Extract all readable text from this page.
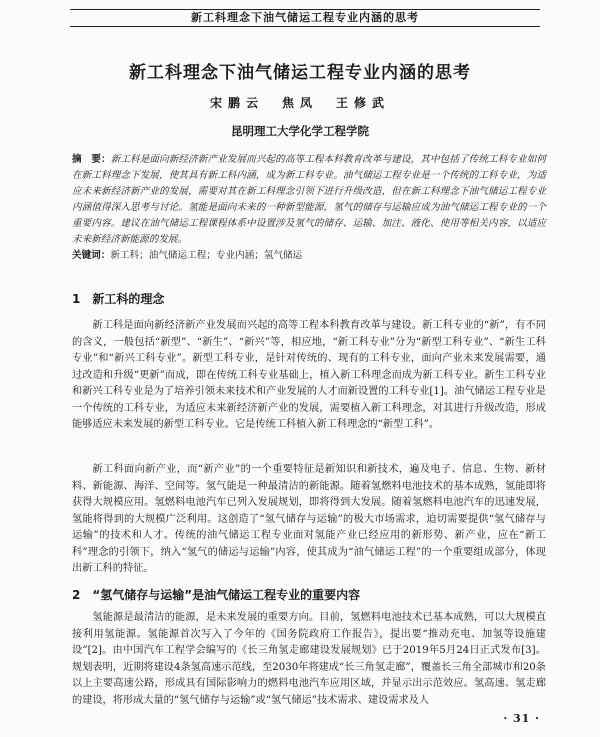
新工科理念下油气储运工程专业内涵的思考
新工科理念下油气储运工程专业内涵的思考
宋鹏云　焦凤　王修武
昆明理工大学化学工程学院
摘　要：新工科是面向新经济新产业发展而兴起的高等工程本科教育改革与建设，其中包括了传统工科专业如何在新工科理念下发展，使其具有新工科内涵，成为新工科专业。油气储运工程专业是一个传统的工科专业，为适应未来新经济新产业的发展，需要对其在新工科理念引领下进行升级改造，但在新工科理念下油气储运工程专业内涵值得深入思考与讨论。氢能是面向未来的一种新型能源，氢气的储存与运输应成为油气储运工程专业的一个重要内容。建议在油气储运工程课程体系中设置涉及氢气的储存、运输、加注、液化、使用等相关内容，以适应未来新经济新能源的发展。
关键词：新工科；油气储运工程；专业内涵；氢气储运
1　新工科的理念
新工科是面向新经济新产业发展而兴起的高等工程本科教育改革与建设。新工科专业的“新”，有不同的含义，一般包括“新型”、“新生”、“新兴”等，相应地，“新工科专业”分为“新型工科专业”、“新生工科专业”和“新兴工科专业”。新型工科专业，是针对传统的、现有的工科专业，面向产业未来发展需要，通过改造和升级“更新”而成，即在传统工科专业基础上，植入新工科理念而成为新工科专业。新生工科专业和新兴工科专业是为了培养引领未来技术和产业发展的人才而新设置的工科专业[1]。油气储运工程专业是一个传统的工科专业，为适应未来新经济新产业的发展，需要植入新工科理念，对其进行升级改造，形成能够适应未来发展的新型工科专业。它是传统工科植入新工科理念的“新型工科”。
新工科面向新产业，而“新产业”的一个重要特征是新知识和新技术，遍及电子、信息、生物、新材料、新能源、海洋、空间等。氢气能是一种最清洁的新能源。随着氢燃料电池技术的基本成熟，氢能即将获得大规模应用。氢燃料电池汽车已列入发展规划，即将得到大发展。随着氢燃料电池汽车的迅速发展，氢能将得到的大规模广泛利用。这创造了“氢气储存与运输”的极大市场需求，迫切需要提供“氢气储存与运输”的技术和人才。传统的油气储运工程专业面对氢能产业已经应用的新形势、新产业，应在“新工科”理念的引领下，纳入“氢气的储运与运输”内容，使其成为“油气储运工程”的一个重要组成部分，体现出新工科的特征。
2　“氢气储存与运输”是油气储运工程专业的重要内容
氢能源是最清洁的能源，是未来发展的重要方向。目前，氢燃料电池技术已基本成熟，可以大规模直接利用氢能源。氢能源首次写入了今年的《国务院政府工作报告》，提出要“推动充电、加氢等设施建设”[2]。由中国汽车工程学会编写的《长三角氢走廊建设发展规划》已于2019年5月24日正式发布[3]。规划表明，近期将建设4条氢高速示范线，至2030年将建成“长三角氢走廊”，覆盖长三角全部城市和20条以上主要高速公路，形成具有国际影响力的燃料电池汽车应用区域，并显示出示范效应。氢高速、氢走廊的建设，将形成大量的“氢气储存与运输”或“氢气储运”技术需求、建设需求及人
· 31 ·
